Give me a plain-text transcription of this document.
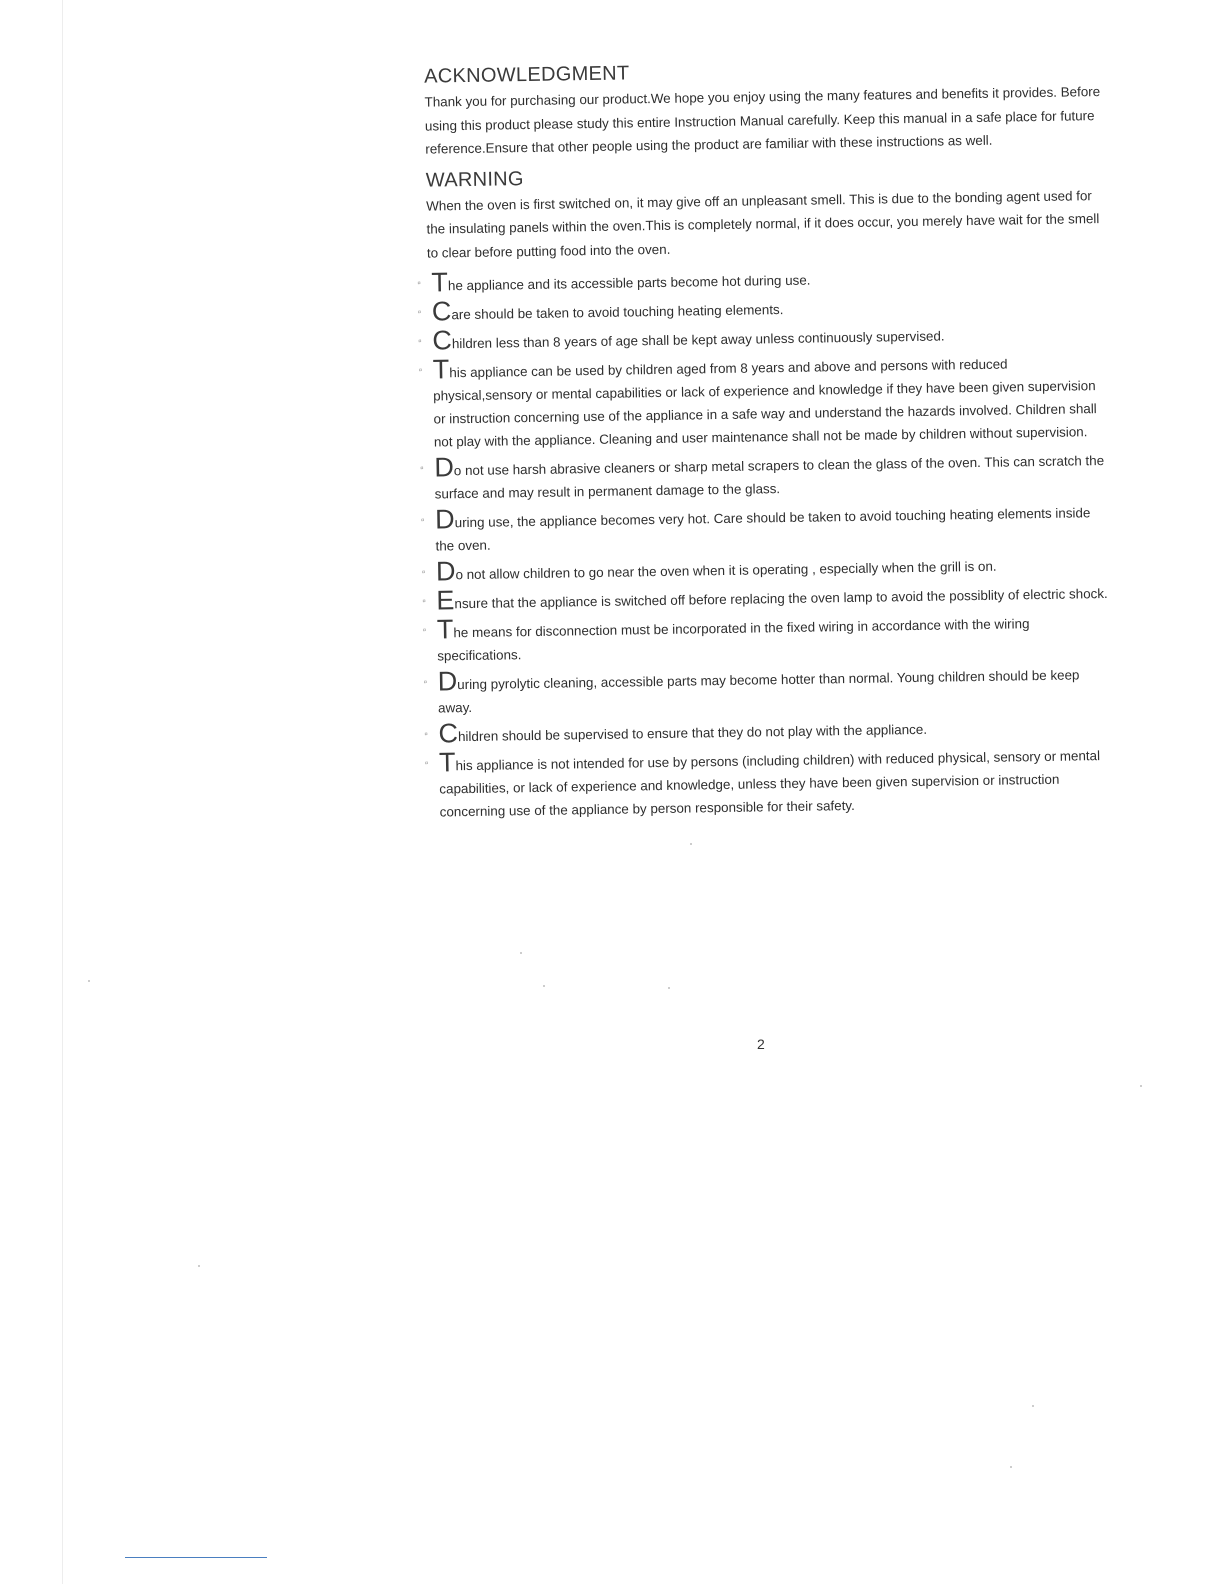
ACKNOWLEDGMENT

Thank you for purchasing our product.We hope you enjoy using the many features and benefits it provides. Before using this product please study this entire Instruction Manual carefully. Keep this manual in a safe place for future reference.Ensure that other people using the product are familiar with these instructions as well.

WARNING

When the oven is first switched on, it may give off an unpleasant smell. This is due to the bonding agent used for the insulating panels within the oven.This is completely normal, if it does occur, you merely have wait for the smell to clear before putting food into the oven.

▫ The appliance and its accessible parts become hot during use.
▫ Care should be taken to avoid touching heating elements.
▫ Children less than 8 years of age shall be kept away unless continuously supervised.
▫ This appliance can be used by children aged from 8 years and above and persons with reduced physical,sensory or mental capabilities or lack of experience and knowledge if they have been given supervision or instruction concerning use of the appliance in a safe way and understand the hazards involved. Children shall not play with the appliance. Cleaning and user maintenance shall not be made by children without supervision.
▫ Do not use harsh abrasive cleaners or sharp metal scrapers to clean the glass of the oven. This can scratch the surface and may result in permanent damage to the glass.
▫ During use, the appliance becomes very hot. Care should be taken to avoid touching heating elements inside the oven.
▫ Do not allow children to go near the oven when it is operating , especially when the grill is on.
▫ Ensure that the appliance is switched off before replacing the oven lamp to avoid the possiblity of electric shock.
▫ The means for disconnection must be incorporated in the fixed wiring in accordance with the wiring specifications.
▫ During pyrolytic cleaning, accessible parts may become hotter than normal. Young children should be keep away.
▫ Children should be supervised to ensure that they do not play with the appliance.
▫ This appliance is not intended for use by persons (including children) with reduced physical, sensory or mental capabilities, or lack of experience and knowledge, unless they have been given supervision or instruction concerning use of the appliance by person responsible for their safety.
2
